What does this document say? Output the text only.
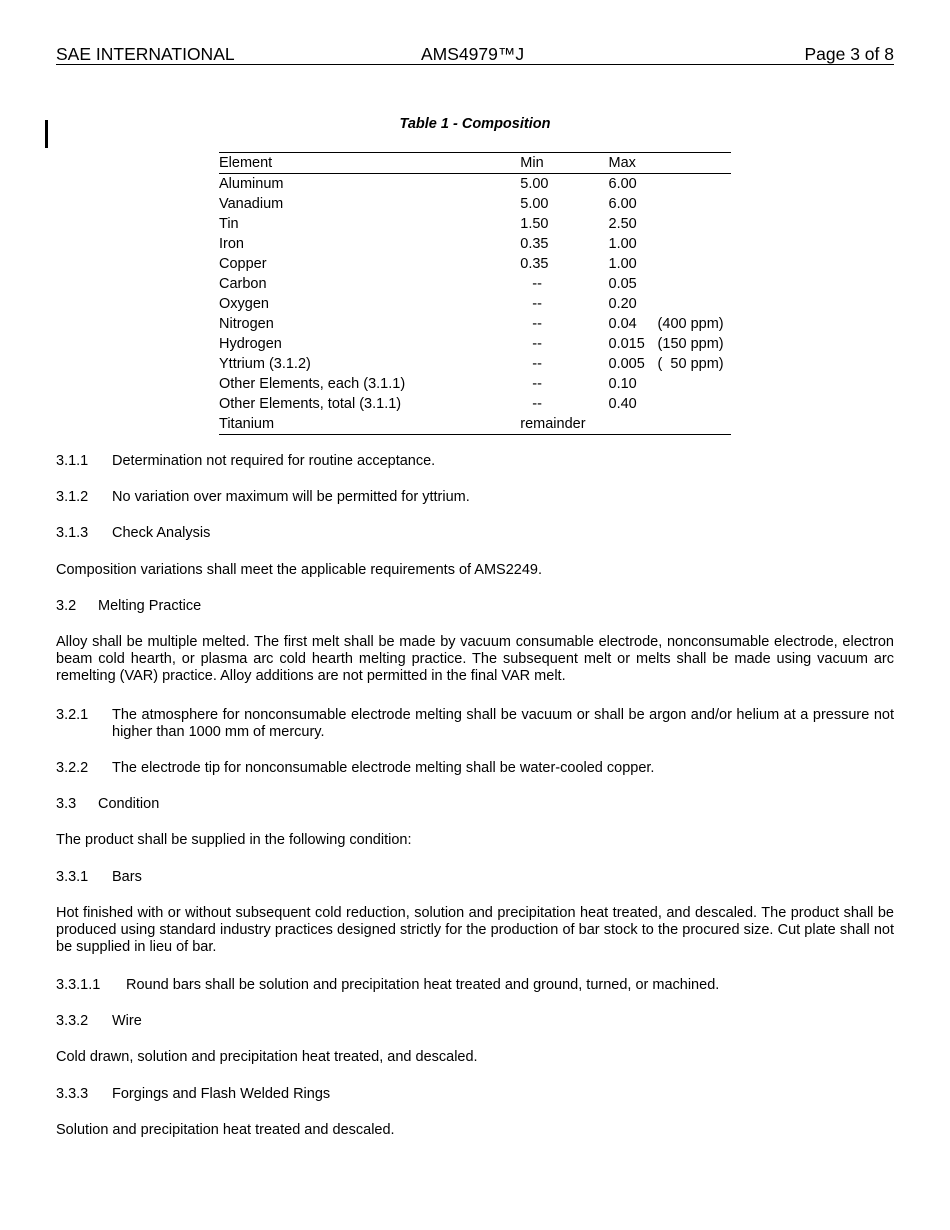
SAE INTERNATIONAL	AMS4979™J	Page 3 of 8
Table 1 - Composition
Element	Min	Max	
Aluminum	5.00	6.00	
Vanadium	5.00	6.00	
Tin	1.50	2.50	
Iron	0.35	1.00	
Copper	0.35	1.00	
Carbon	--	0.05	
Oxygen	--	0.20	
Nitrogen	--	0.04	(400 ppm)
Hydrogen	--	0.015	(150 ppm)
Yttrium (3.1.2)	--	0.005	(  50 ppm)
Other Elements, each (3.1.1)	--	0.10	
Other Elements, total (3.1.1)	--	0.40	
Titanium	remainder		
3.1.1 Determination not required for routine acceptance.
3.1.2 No variation over maximum will be permitted for yttrium.
3.1.3 Check Analysis
Composition variations shall meet the applicable requirements of AMS2249.
3.2 Melting Practice
Alloy shall be multiple melted. The first melt shall be made by vacuum consumable electrode, nonconsumable electrode, electron beam cold hearth, or plasma arc cold hearth melting practice. The subsequent melt or melts shall be made using vacuum arc remelting (VAR) practice. Alloy additions are not permitted in the final VAR melt.
3.2.1 The atmosphere for nonconsumable electrode melting shall be vacuum or shall be argon and/or helium at a pressure not higher than 1000 mm of mercury.
3.2.2 The electrode tip for nonconsumable electrode melting shall be water-cooled copper.
3.3 Condition
The product shall be supplied in the following condition:
3.3.1 Bars
Hot finished with or without subsequent cold reduction, solution and precipitation heat treated, and descaled. The product shall be produced using standard industry practices designed strictly for the production of bar stock to the procured size. Cut plate shall not be supplied in lieu of bar.
3.3.1.1 Round bars shall be solution and precipitation heat treated and ground, turned, or machined.
3.3.2 Wire
Cold drawn, solution and precipitation heat treated, and descaled.
3.3.3 Forgings and Flash Welded Rings
Solution and precipitation heat treated and descaled.
